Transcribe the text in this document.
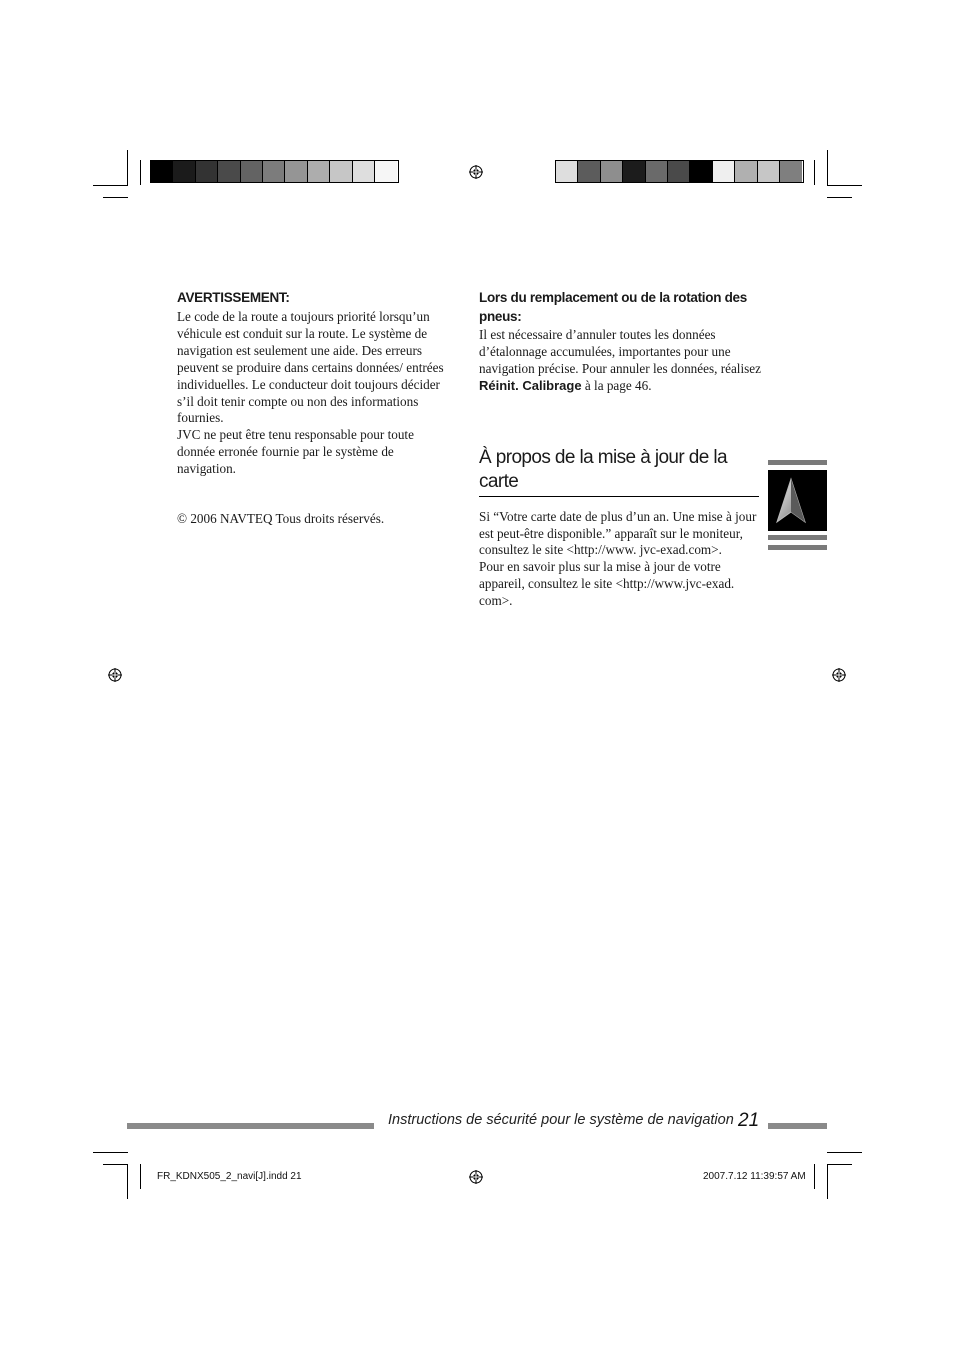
AVERTISSEMENT:

Le code de la route a toujours priorité lorsqu’un véhicule est conduit sur la route. Le système de navigation est seulement une aide. Des erreurs peuvent se produire dans certains données/ entrées individuelles. Le conducteur doit toujours décider s’il doit tenir compte ou non des informations fournies.

JVC ne peut être tenu responsable pour toute donnée erronée fournie par le système de navigation.

© 2006 NAVTEQ Tous droits réservés.

Lors du remplacement ou de la rotation des pneus:

Il est nécessaire d’annuler toutes les données d’étalonnage accumulées, importantes pour une navigation précise. Pour annuler les données, réalisez Réinit. Calibrage à la page 46.

À propos de la mise à jour de la carte

Si “Votre carte date de plus d’un an. Une mise à jour est peut-être disponible.” apparaît sur le moniteur, consultez le site <http://www. jvc-exad.com>.

Pour en savoir plus sur la mise à jour de votre appareil, consultez le site <http://www.jvc-exad. com>.

Instructions de sécurité pour le système de navigation 21
FR_KDNX505_2_navi[J].indd 21	2007.7.12 11:39:57 AM
